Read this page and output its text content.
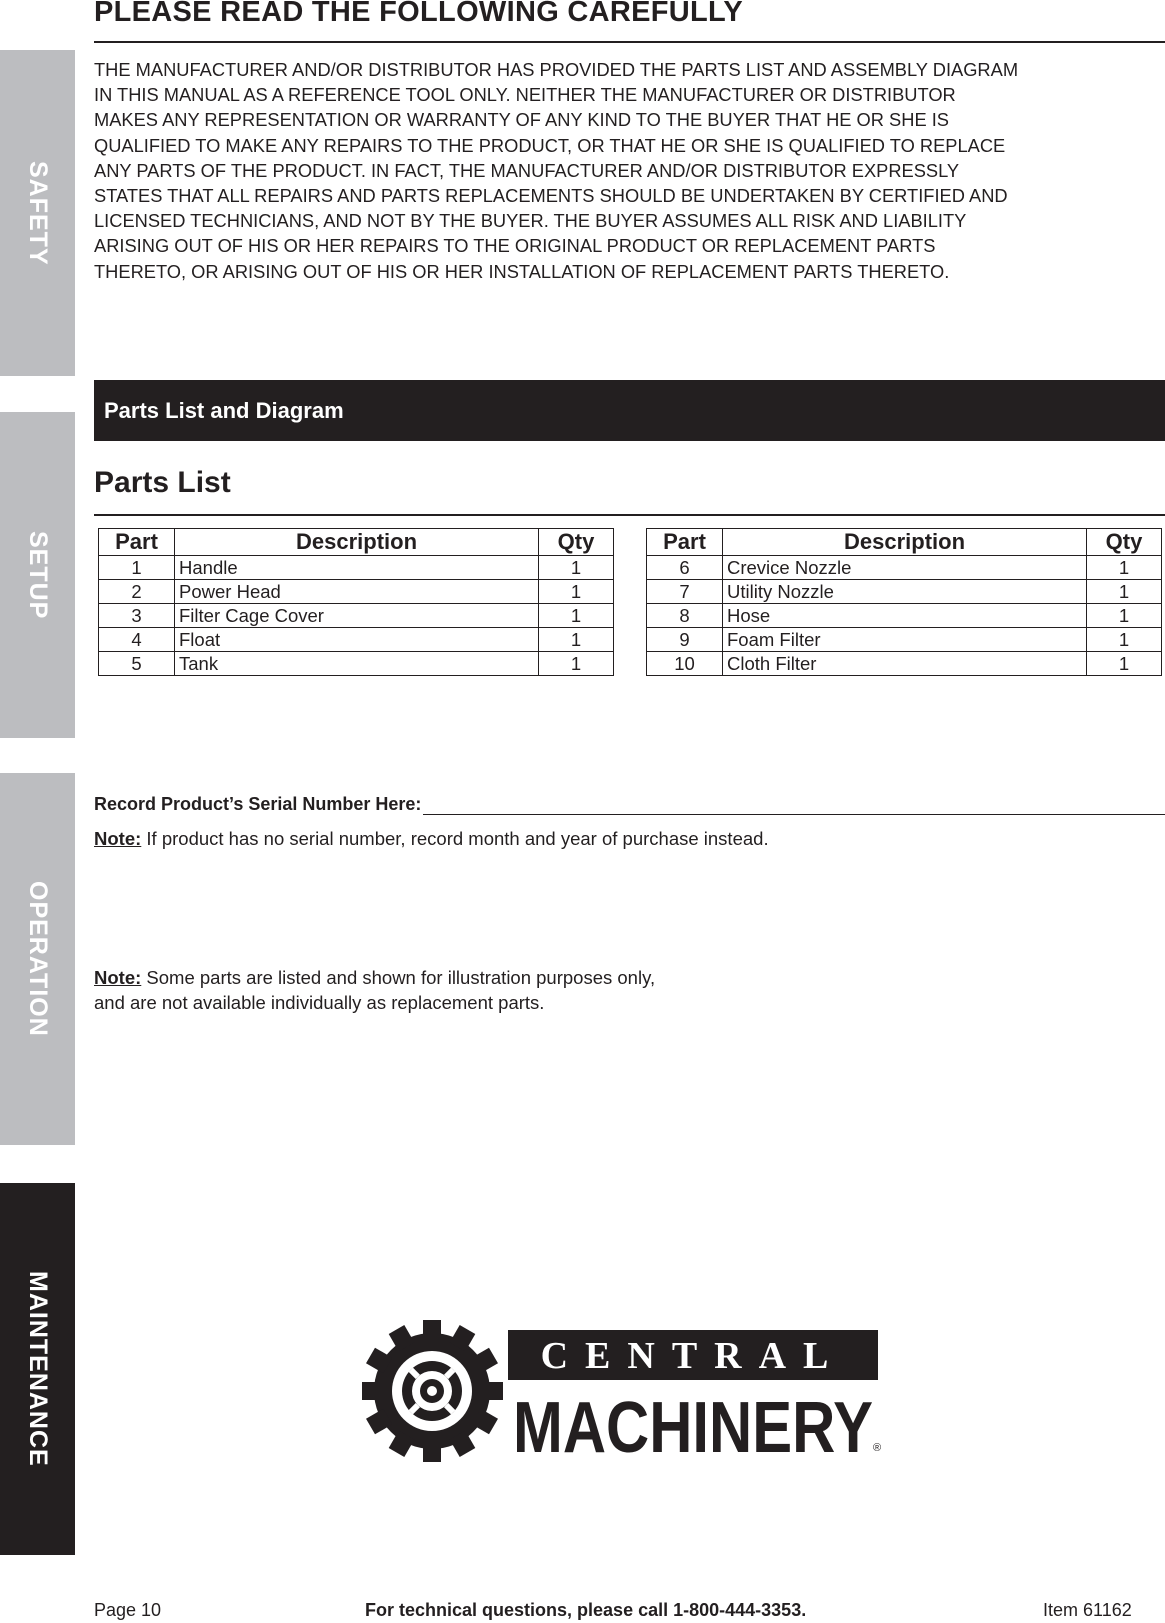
SAFETY
SETUP
OPERATION
MAINTENANCE
PLEASE READ THE FOLLOWING CAREFULLY

THE MANUFACTURER AND/OR DISTRIBUTOR HAS PROVIDED THE PARTS LIST AND ASSEMBLY DIAGRAM
IN THIS MANUAL AS A REFERENCE TOOL ONLY. NEITHER THE MANUFACTURER OR DISTRIBUTOR
MAKES ANY REPRESENTATION OR WARRANTY OF ANY KIND TO THE BUYER THAT HE OR SHE IS
QUALIFIED TO MAKE ANY REPAIRS TO THE PRODUCT, OR THAT HE OR SHE IS QUALIFIED TO REPLACE
ANY PARTS OF THE PRODUCT. IN FACT, THE MANUFACTURER AND/OR DISTRIBUTOR EXPRESSLY
STATES THAT ALL REPAIRS AND PARTS REPLACEMENTS SHOULD BE UNDERTAKEN BY CERTIFIED AND
LICENSED TECHNICIANS, AND NOT BY THE BUYER. THE BUYER ASSUMES ALL RISK AND LIABILITY
ARISING OUT OF HIS OR HER REPAIRS TO THE ORIGINAL PRODUCT OR REPLACEMENT PARTS
THERETO, OR ARISING OUT OF HIS OR HER INSTALLATION OF REPLACEMENT PARTS THERETO.

Parts List and Diagram
Parts List
Part	Description	Qty
1	Handle	1
2	Power Head	1
3	Filter Cage Cover	1
4	Float	1
5	Tank	1
Part	Description	Qty
6	Crevice Nozzle	1
7	Utility Nozzle	1
8	Hose	1
9	Foam Filter	1
10	Cloth Filter	1
Record Product’s Serial Number Here:

Note: If product has no serial number, record month and year of purchase instead.

Note: Some parts are listed and shown for illustration purposes only,
and are not available individually as replacement parts.

CENTRAL
MACHINERY ®
Page 10	For technical questions, please call 1-800-444-3353.	Item 61162
